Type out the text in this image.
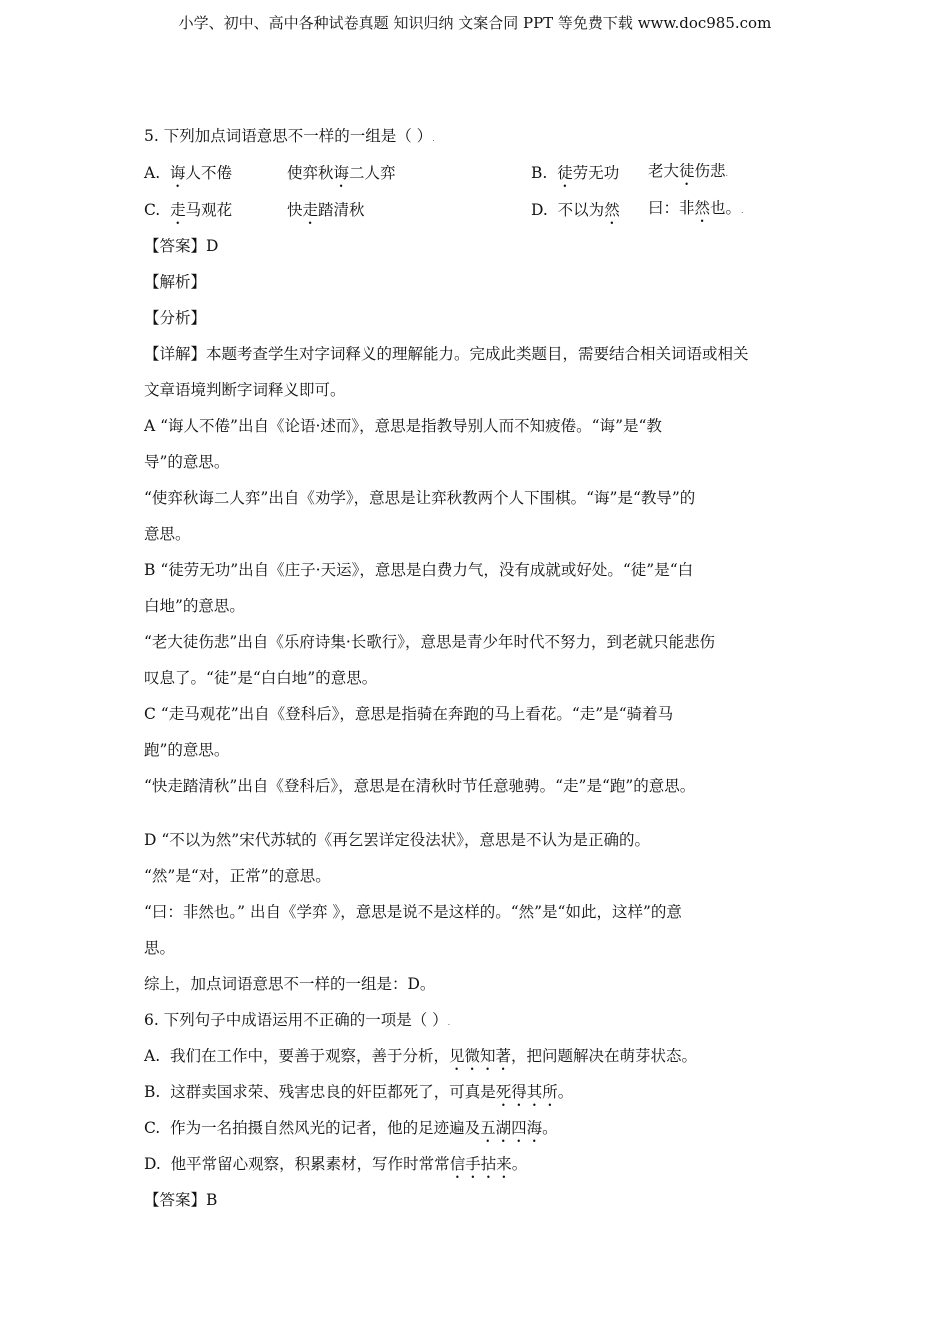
小学、初中、高中各种试卷真题 知识归纳 文案合同 PPT 等免费下载 www.doc985.com
5. 下列加点词语意思不一样的一组是（ ）.
A. 诲人不倦	使弈秋诲二人弈	B. 徒劳无功	老大徒伤悲.
C. 走马观花	快走踏清秋	D. 不以为然	曰：非然也。.
【答案】D
【解析】
【分析】
【详解】本题考查学生对字词释义的理解能力。完成此类题目，需要结合相关词语或相关
文章语境判断字词释义即可。
A “诲人不倦”出自《论语·述而》，意思是指教导别人而不知疲倦。“诲”是“教
导”的意思。
“使弈秋诲二人弈”出自《劝学》，意思是让弈秋教两个人下围棋。“诲”是“教导”的
意思。
B “徒劳无功”出自《庄子·天运》，意思是白费力气，没有成就或好处。“徒”是“白
白地”的意思。
“老大徒伤悲”出自《乐府诗集·长歌行》，意思是青少年时代不努力，到老就只能悲伤
叹息了。“徒”是“白白地”的意思。
C “走马观花”出自《登科后》，意思是指骑在奔跑的马上看花。“走”是“骑着马
跑”的意思。
“快走踏清秋”出自《登科后》，意思是在清秋时节任意驰骋。“走”是“跑”的意思。
D “不以为然”宋代苏轼的《再乞罢详定役法状》，意思是不认为是正确的。
“然”是“对，正常”的意思。
“曰：非然也。” 出自《学弈 》，意思是说不是这样的。“然”是“如此，这样”的意
思。
综上，加点词语意思不一样的一组是：D。
6. 下列句子中成语运用不正确的一项是（ ）.
A. 我们在工作中，要善于观察，善于分析，见微知著，把问题解决在萌芽状态。
B. 这群卖国求荣、残害忠良的奸臣都死了，可真是死得其所。
C. 作为一名拍摄自然风光的记者，他的足迹遍及五湖四海。
D. 他平常留心观察，积累素材，写作时常常信手拈来。
【答案】B
